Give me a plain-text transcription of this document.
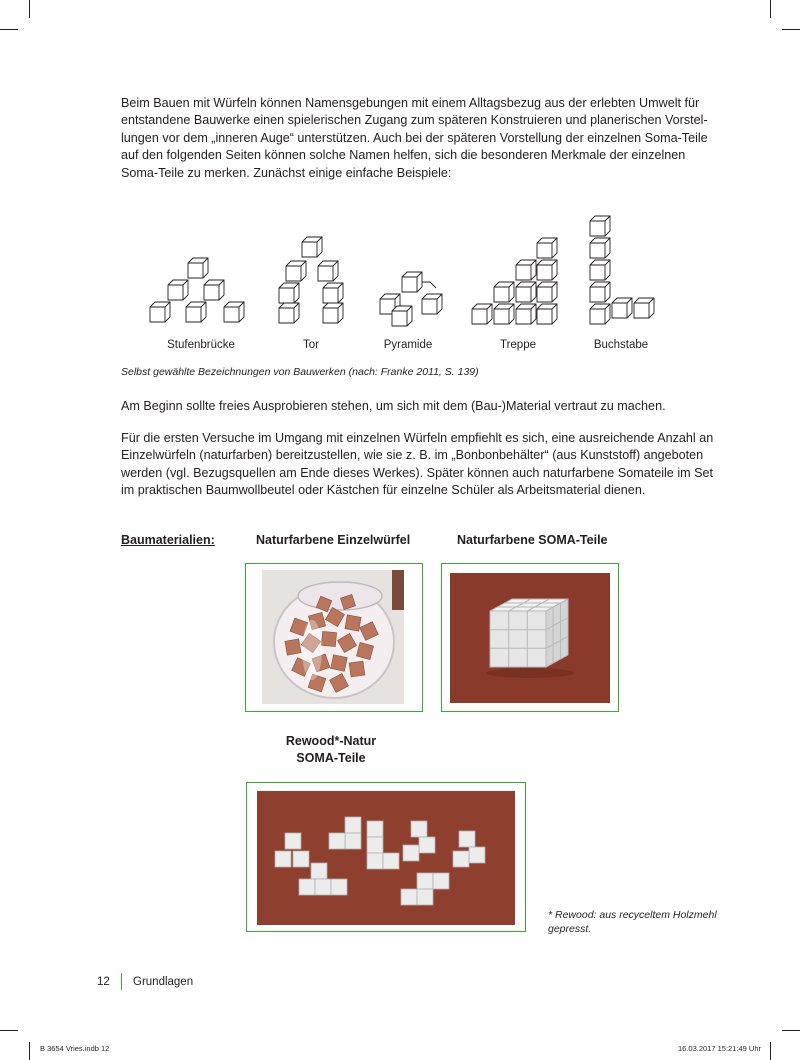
Beim Bauen mit Würfeln können Namensgebungen mit einem Alltagsbezug aus der erlebten Umwelt für
entstandene Bauwerke einen spielerischen Zugang zum späteren Konstruieren und planerischen Vorstel-
lungen vor dem „inneren Auge“ unterstützen. Auch bei der späteren Vorstellung der einzelnen Soma-Teile
auf den folgenden Seiten können solche Namen helfen, sich die besonderen Merkmale der einzelnen
Soma-Teile zu merken. Zunächst einige einfache Beispiele:
Stufenbrücke	Tor	Pyramide	Treppe	Buchstabe
Selbst gewählte Bezeichnungen von Bauwerken (nach: Franke 2011, S. 139)
Am Beginn sollte freies Ausprobieren stehen, um sich mit dem (Bau-)Material vertraut zu machen.
Für die ersten Versuche im Umgang mit einzelnen Würfeln empfiehlt es sich, eine ausreichende Anzahl an
Einzelwürfeln (naturfarben) bereitzustellen, wie sie z. B. im „Bonbonbehälter“ (aus Kunststoff) angeboten
werden (vgl. Bezugsquellen am Ende dieses Werkes). Später können auch naturfarbene Somateile im Set
im praktischen Baumwollbeutel oder Kästchen für einzelne Schüler als Arbeitsmaterial dienen.
Baumaterialien:	Naturfarbene Einzelwürfel	Naturfarbene SOMA-Teile
Rewood*-Natur
SOMA-Teile
* Rewood: aus recyceltem Holzmehl
gepresst.
12 Grundlagen
B 3654 Vries.indb 12	16.03.2017 15:21:49 Uhr
